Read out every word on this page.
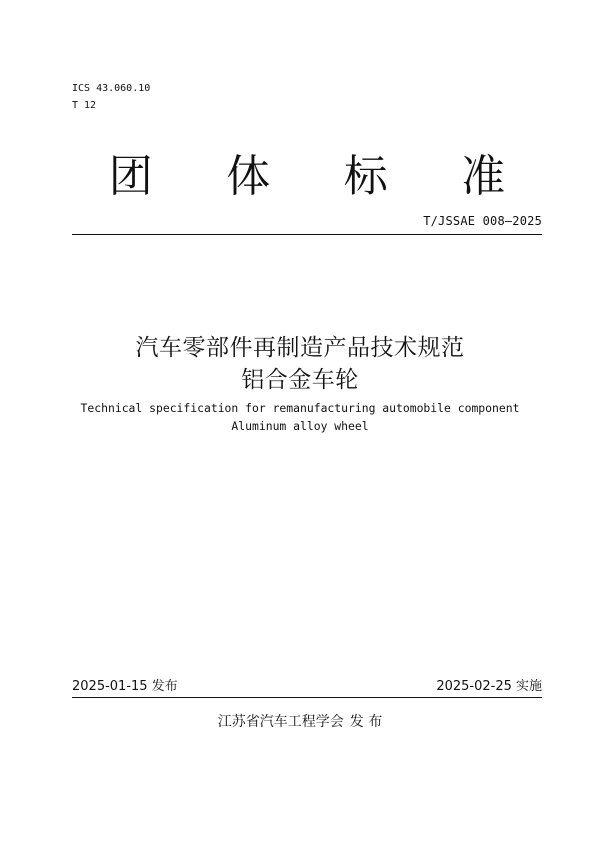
ICS 43.060.10
T 12
团 体 标 准
T/JSSAE 008—2025
汽车零部件再制造产品技术规范
铝合金车轮
Technical specification for remanufacturing automobile component
Aluminum alloy wheel
2025-01-15 发布	2025-02-25 实施
江苏省汽车工程学会 发 布
